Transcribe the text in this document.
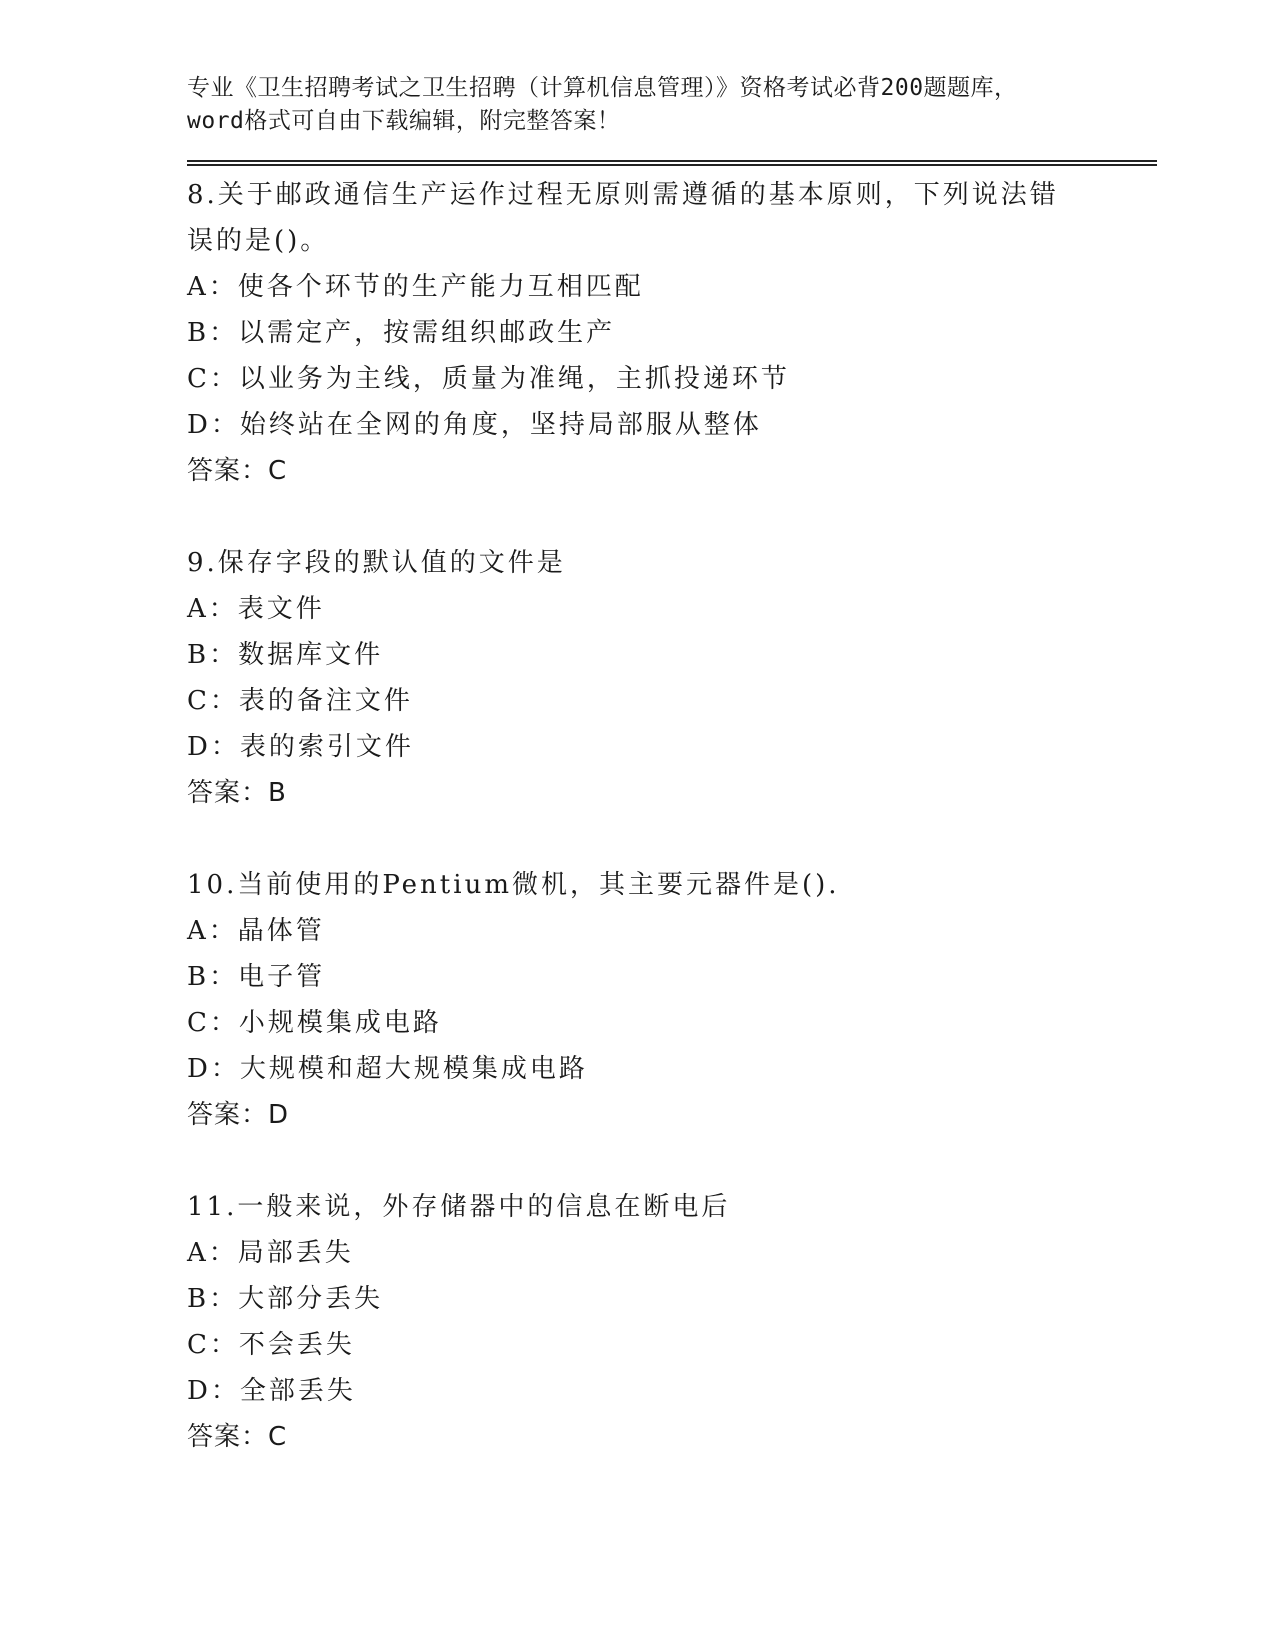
专业《卫生招聘考试之卫生招聘（计算机信息管理）》资格考试必背200题题库，
word格式可自由下载编辑，附完整答案！
8.关于邮政通信生产运作过程无原则需遵循的基本原则，下列说法错
误的是()。
A：使各个环节的生产能力互相匹配
B：以需定产，按需组织邮政生产
C：以业务为主线，质量为准绳，主抓投递环节
D：始终站在全网的角度，坚持局部服从整体
答案：C
9.保存字段的默认值的文件是
A：表文件
B：数据库文件
C：表的备注文件
D：表的索引文件
答案：B
10.当前使用的Pentium微机，其主要元器件是().
A：晶体管
B：电子管
C：小规模集成电路
D：大规模和超大规模集成电路
答案：D
11.一般来说，外存储器中的信息在断电后
A：局部丢失
B：大部分丢失
C：不会丢失
D：全部丢失
答案：C
